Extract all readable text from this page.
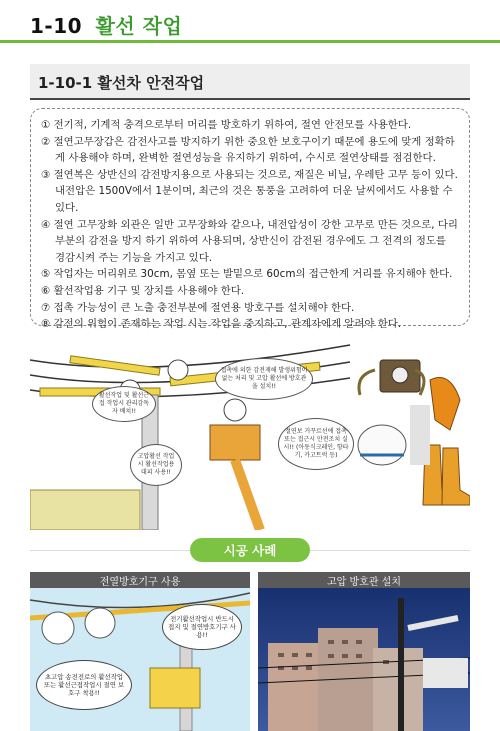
1-10 활선 작업
1-10-1 활선차 안전작업
① 전기적, 기계적 충격으로부터 머리를 방호하기 위하여, 절연 안전모를 사용한다.
② 절연고무장갑은 감전사고를 방지하기 위한 중요한 보호구이기 때문에 용도에 맞게 정확하게 사용해야 하며, 완벽한 절연성능을 유지하기 위하여, 수시로 절연상태를 점검한다.
③ 절연복은 상반신의 감전방지용으로 사용되는 것으로, 재질은 비닐, 우레탄 고무 등이 있다. 내전압은 1500V에서 1분이며, 최근의 것은 통풍을 고려하여 더운 날씨에서도 사용할 수 있다.
④ 절연 고무장화 외관은 일반 고무장화와 같으나, 내전압성이 강한 고무로 만든 것으로, 다리부분의 감전을 방지 하기 위하여 사용되며, 상반신이 감전된 경우에도 그 전격의 정도를 경감시켜 주는 기능을 가지고 있다.
⑤ 작업자는 머리위로 30cm, 몸옆 또는 발밑으로 60cm의 접근한계 거리를 유지해야 한다.
⑥ 활선작업용 기구 및 장치를 사용해야 한다.
⑦ 접촉 가능성이 큰 노출 충전부분에 절연용 방호구를 설치해야 한다.
⑧ 감전의 위험이 존재하는 작업 시는 작업을 중지하고, 관계자에게 알려야 한다.
활선작업 및 활선근접 작업시 관리감독자 배치!!
접촉에 의한 감전재해 발생위험이 없는 처리 및 고압 활선에 방호관을 설치!!
고압활선 작업시 활선작업용 대피 사용!!
절연보 거꾸르선에 접촉 또는 접근시 안전조치 실시!! (아동식크레인, 항타기, 카고트럭 등)
시공 사례
전열방호기구 사용	고압 방호관 설치
전기활선작업시 반드시 접지 및 절연방호기구 사용!!
초고압 송전전로의 활선작업 또는 활선근접작업시 절연 보호구 착용!!
